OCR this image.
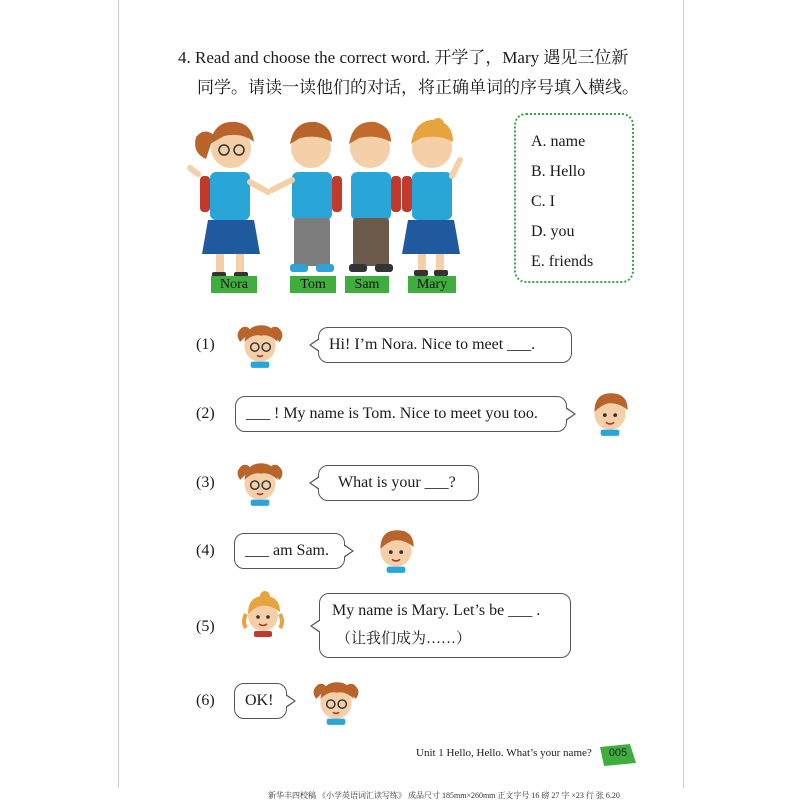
4. Read and choose the correct word. 开学了，Mary 遇见三位新
同学。请读一读他们的对话，将正确单词的序号填入横线。
Nora	Tom	Sam	Mary
A. name
B. Hello
C. I
D. you
E. friends
(1)	Hi! I’m Nora. Nice to meet ___.
(2)	___ ! My name is Tom. Nice to meet you too.
(3)	What is your ___?
(4)	___ am Sam.
(5)
My name is Mary. Let’s be ___ .
（让我们成为……）
(6)	OK!
Unit 1 Hello, Hello. What’s your name?	005
新华丰四校稿 《小学英语词汇读写练》 成品尺寸 185mm×260mm 正文字号 16 磅 27 字 ×23 行 张 6.20
